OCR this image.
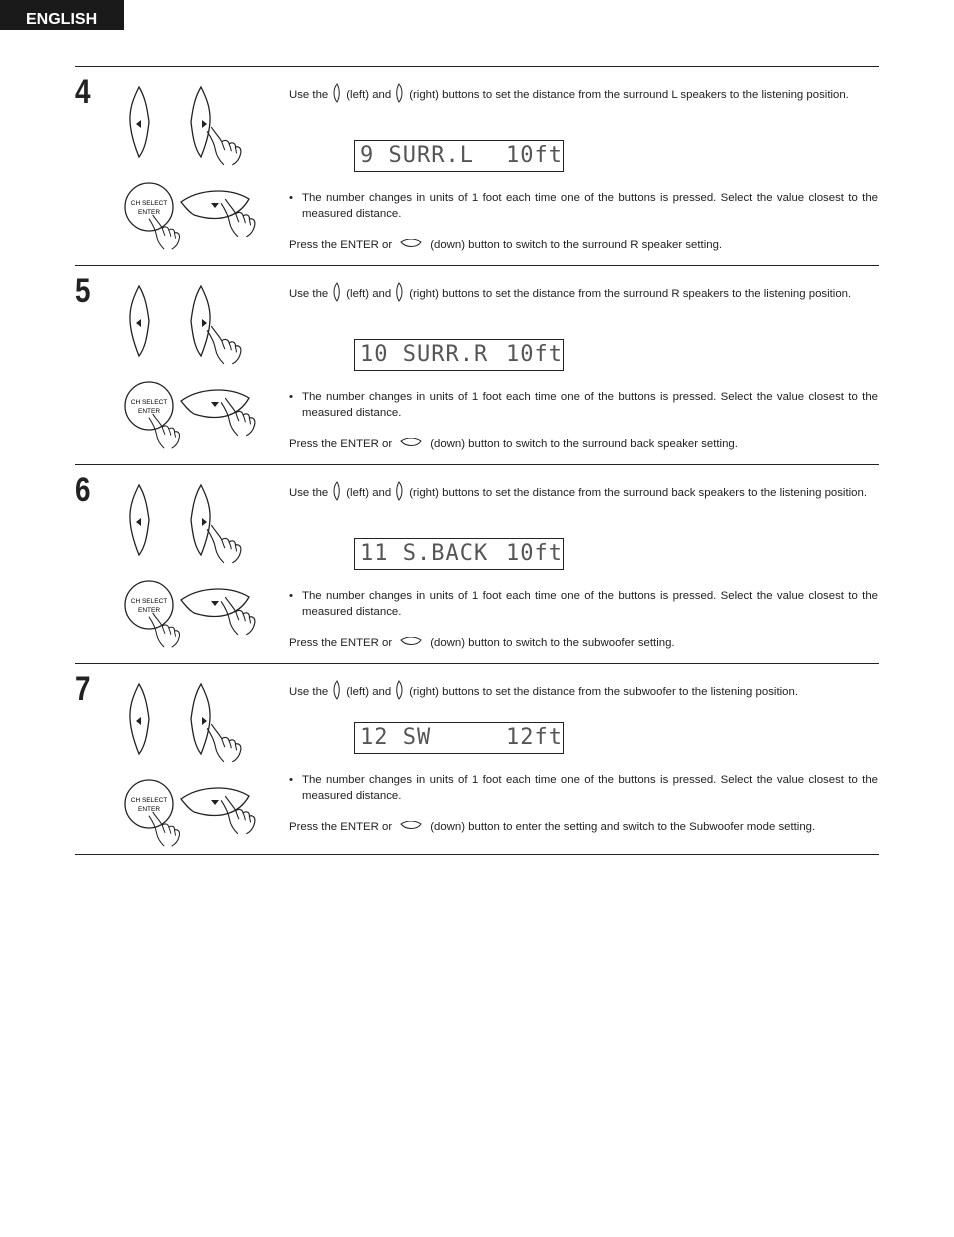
ENGLISH
4
CH SELECT
ENTER

Use the (left) and (right) buttons to set the distance from the surround L speakers to the listening position.

9 SURR.L 10ft

• The number changes in units of 1 foot each time one of the buttons is pressed. Select the value closest to the measured distance.

Press the ENTER or	(down) button to switch to the surround R speaker setting.

5
CH SELECT
ENTER

Use the (left) and (right) buttons to set the distance from the surround R speakers to the listening position.

10 SURR.R 10ft

• The number changes in units of 1 foot each time one of the buttons is pressed. Select the value closest to the measured distance.

Press the ENTER or	(down) button to switch to the surround back speaker setting.

6
CH SELECT
ENTER

Use the (left) and (right) buttons to set the distance from the surround back speakers to the listening position.

11 S.BACK 10ft

• The number changes in units of 1 foot each time one of the buttons is pressed. Select the value closest to the measured distance.

Press the ENTER or	(down) button to switch to the subwoofer setting.

7
CH SELECT
ENTER

Use the (left) and (right) buttons to set the distance from the subwoofer to the listening position.

12 SW	12ft

• The number changes in units of 1 foot each time one of the buttons is pressed. Select the value closest to the measured distance.

Press the ENTER or	(down) button to enter the setting and switch to the Subwoofer mode setting.
